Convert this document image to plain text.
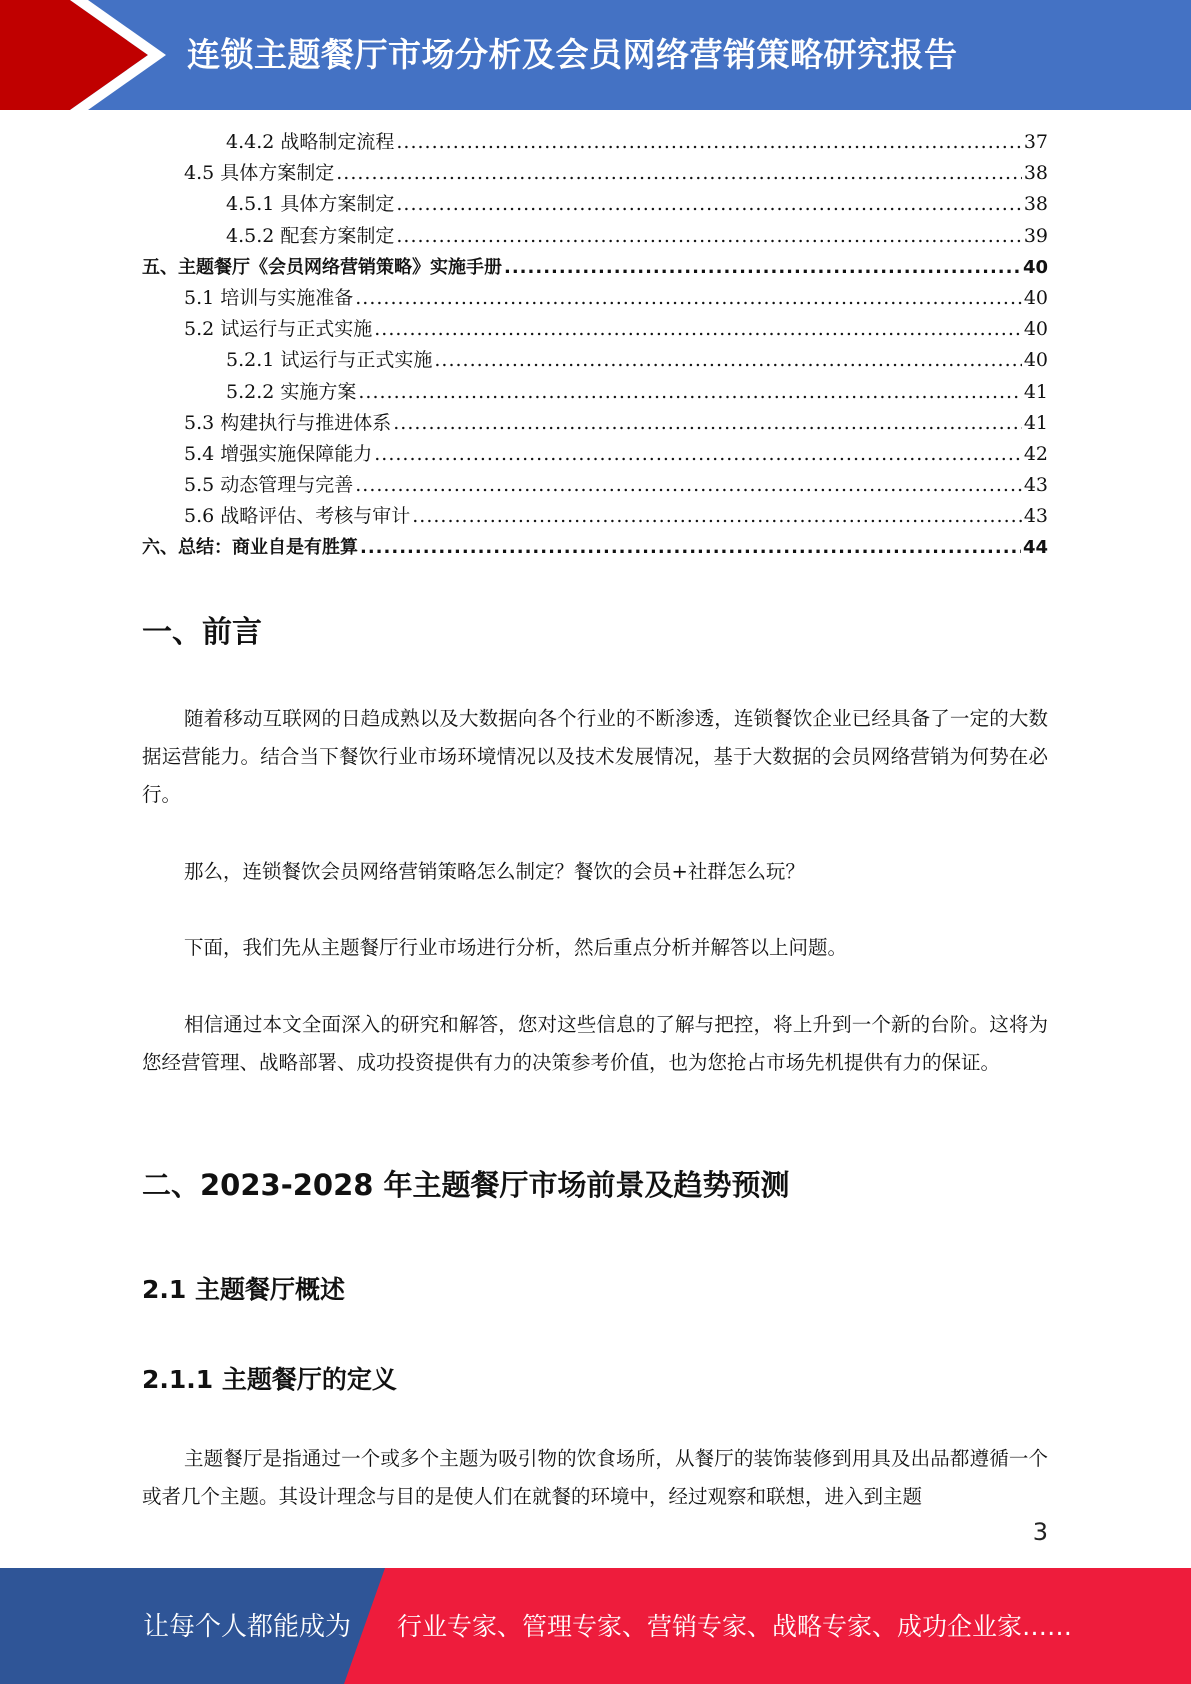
连锁主题餐厅市场分析及会员网络营销策略研究报告
4.4.2 战略制定流程 .....	37
4.5 具体方案制定 .....	38
4.5.1 具体方案制定 .....	38
4.5.2 配套方案制定 .....	39
五、主题餐厅《会员网络营销策略》实施手册 .....	40
5.1 培训与实施准备 .....	40
5.2 试运行与正式实施 .....	40
5.2.1 试运行与正式实施 .....	40
5.2.2 实施方案 .....	41
5.3 构建执行与推进体系 .....	41
5.4 增强实施保障能力 .....	42
5.5 动态管理与完善 .....	43
5.6 战略评估、考核与审计 .....	43
六、总结：商业自是有胜算 .....	44
一、前言

随着移动互联网的日趋成熟以及大数据向各个行业的不断渗透，连锁餐饮企业已经具备了一定的大数据运营能力。结合当下餐饮行业市场环境情况以及技术发展情况，基于大数据的会员网络营销为何势在必行。

那么，连锁餐饮会员网络营销策略怎么制定？餐饮的会员+社群怎么玩？

下面，我们先从主题餐厅行业市场进行分析，然后重点分析并解答以上问题。

相信通过本文全面深入的研究和解答，您对这些信息的了解与把控，将上升到一个新的台阶。这将为您经营管理、战略部署、成功投资提供有力的决策参考价值，也为您抢占市场先机提供有力的保证。

二、2023-2028 年主题餐厅市场前景及趋势预测
2.1 主题餐厅概述
2.1.1 主题餐厅的定义

主题餐厅是指通过一个或多个主题为吸引物的饮食场所，从餐厅的装饰装修到用具及出品都遵循一个或者几个主题。其设计理念与目的是使人们在就餐的环境中，经过观察和联想，进入到主题

3
让每个人都能成为 行业专家、管理专家、营销专家、战略专家、成功企业家……
